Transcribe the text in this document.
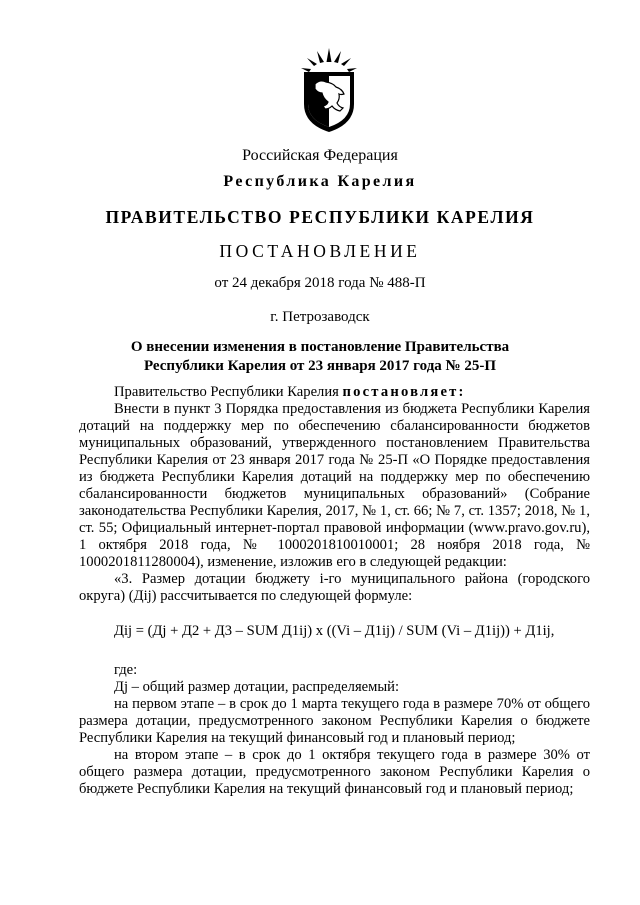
Российская Федерация
Республика Карелия
ПРАВИТЕЛЬСТВО РЕСПУБЛИКИ КАРЕЛИЯ
ПОСТАНОВЛЕНИЕ
от 24 декабря 2018 года № 488-П
г. Петрозаводск
О внесении изменения в постановление Правительства
Республики Карелия от 23 января 2017 года № 25-П

Правительство Республики Карелия постановляет:

Внести в пункт 3 Порядка предоставления из бюджета Республики Карелия дотаций на поддержку мер по обеспечению сбалансированности бюджетов муниципальных образований, утвержденного постановлением Правительства Республики Карелия от 23 января 2017 года № 25-П «О Порядке предоставления из бюджета Республики Карелия дотаций на поддержку мер по обеспечению сбалансированности бюджетов муниципальных образований» (Собрание законодательства Республики Карелия, 2017, № 1, ст. 66; № 7, ст. 1357; 2018, № 1, ст. 55; Официальный интернет-портал правовой информации (www.pravo.gov.ru), 1 октября 2018 года, № 1000201810010001; 28 ноября 2018 года, № 1000201811280004), изменение, изложив его в следующей редакции:

«3. Размер дотации бюджету i-го муниципального района (городского округа) (Дij) рассчитывается по следующей формуле:

Дij = (Дj + Д2 + Д3 – SUM Д1ij) x ((Vi – Д1ij) / SUM (Vi – Д1ij)) + Д1ij,

где:

Дj – общий размер дотации, распределяемый:

на первом этапе – в срок до 1 марта текущего года в размере 70% от общего размера дотации, предусмотренного законом Республики Карелия о бюджете Республики Карелия на текущий финансовый год и плановый период;

на втором этапе – в срок до 1 октября текущего года в размере 30% от общего размера дотации, предусмотренного законом Республики Карелия о бюджете Республики Карелия на текущий финансовый год и плановый период;
